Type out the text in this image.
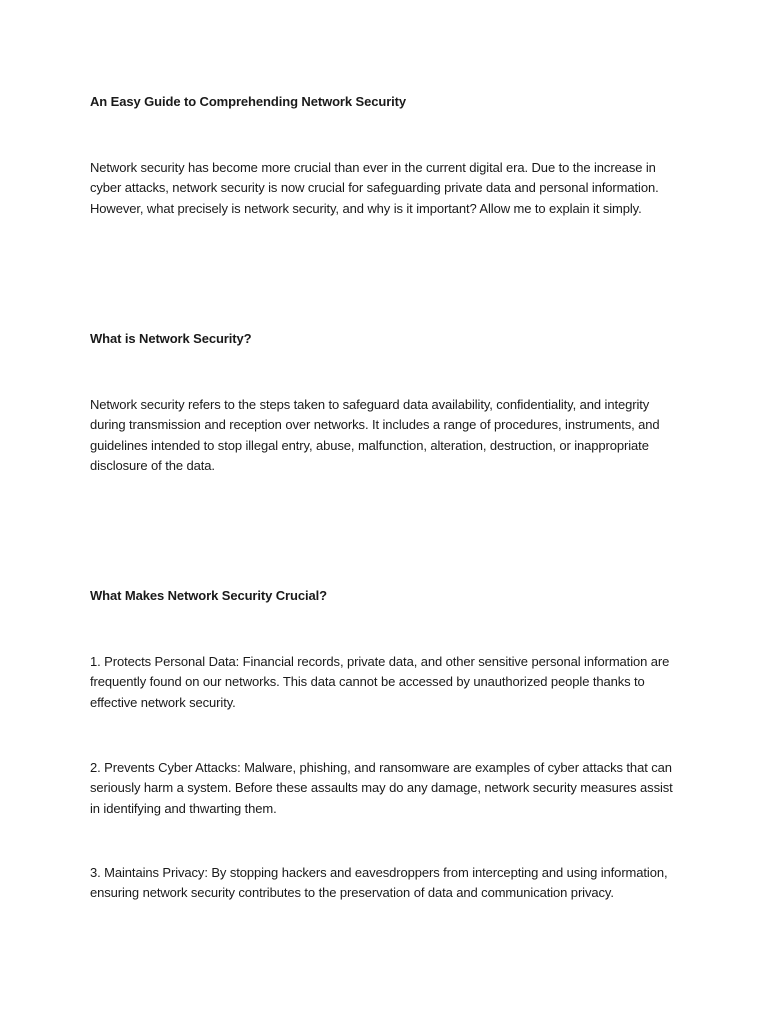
An Easy Guide to Comprehending Network Security

Network security has become more crucial than ever in the current digital era. Due to the increase in cyber attacks, network security is now crucial for safeguarding private data and personal information. However, what precisely is network security, and why is it important? Allow me to explain it simply.

What is Network Security?

Network security refers to the steps taken to safeguard data availability, confidentiality, and integrity during transmission and reception over networks. It includes a range of procedures, instruments, and guidelines intended to stop illegal entry, abuse, malfunction, alteration, destruction, or inappropriate disclosure of the data.

What Makes Network Security Crucial?

1. Protects Personal Data: Financial records, private data, and other sensitive personal information are frequently found on our networks. This data cannot be accessed by unauthorized people thanks to effective network security.

2. Prevents Cyber Attacks: Malware, phishing, and ransomware are examples of cyber attacks that can seriously harm a system. Before these assaults may do any damage, network security measures assist in identifying and thwarting them.

3. Maintains Privacy: By stopping hackers and eavesdroppers from intercepting and using information, ensuring network security contributes to the preservation of data and communication privacy.
